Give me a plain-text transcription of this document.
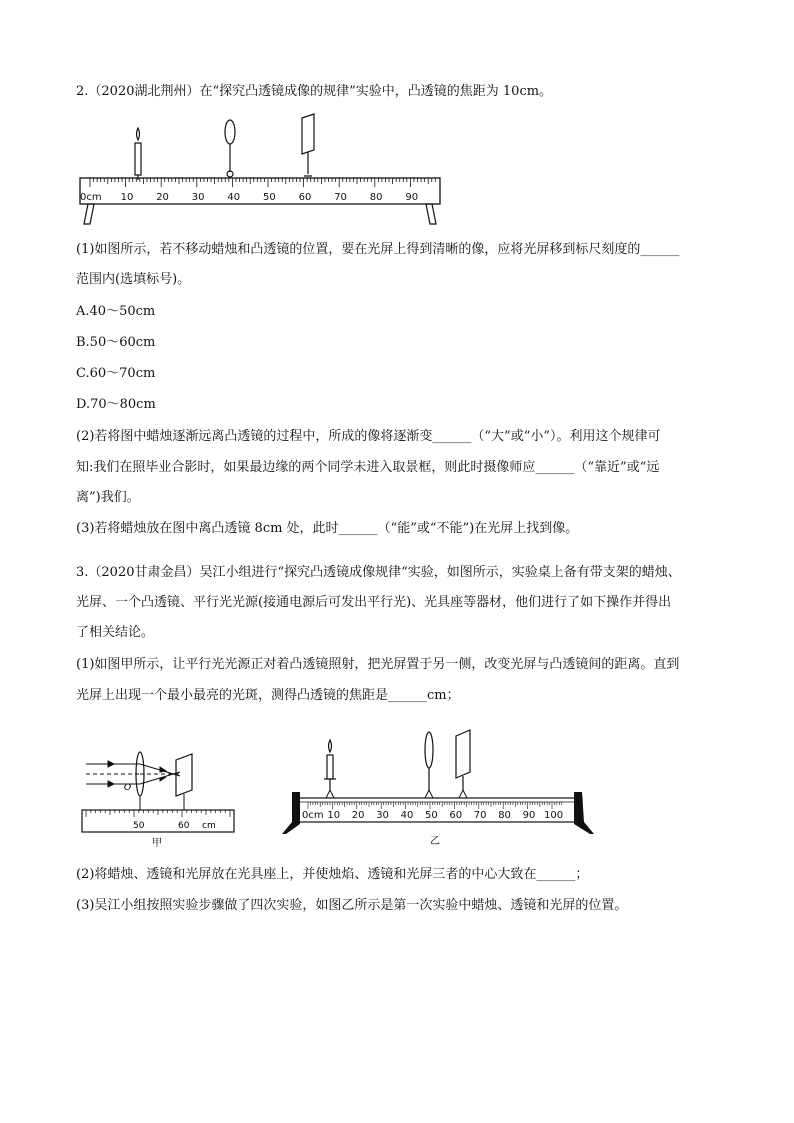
2.（2020湖北荆州）在“探究凸透镜成像的规律”实验中，凸透镜的焦距为 10cm。
0cm 10 20 30 40 50 60 70 80 90
(1)如图所示，若不移动蜡烛和凸透镜的位置，要在光屏上得到清晰的像，应将光屏移到标尺刻度的______
范围内(选填标号)。
A.40～50cm
B.50～60cm
C.60～70cm
D.70～80cm
(2)若将图中蜡烛逐渐远离凸透镜的过程中，所成的像将逐渐变______（“大”或“小”）。利用这个规律可
知:我们在照毕业合影时，如果最边缘的两个同学未进入取景框，则此时摄像师应______（“靠近”或“远
离”)我们。
(3)若将蜡烛放在图中离凸透镜 8cm 处，此时______（“能”或“不能”)在光屏上找到像。
3.（2020甘肃金昌）吴江小组进行“探究凸透镜成像规律“实验，如图所示，实验桌上备有带支架的蜡烛、
光屏、一个凸透镜、平行光光源(接通电源后可发出平行光)、光具座等器材，他们进行了如下操作并得出
了相关结论。
(1)如图甲所示，让平行光光源正对着凸透镜照射，把光屏置于另一侧，改变光屏与凸透镜间的距离。直到
光屏上出现一个最小最亮的光斑，测得凸透镜的焦距是______cm；
O
50	60 cm
甲
0cm 10 20 30 40 50 60 70 80 90 100
乙
(2)将蜡烛、透镜和光屏放在光具座上，并使烛焰、透镜和光屏三者的中心大致在______；
(3)吴江小组按照实验步骤做了四次实验，如图乙所示是第一次实验中蜡烛、透镜和光屏的位置。
